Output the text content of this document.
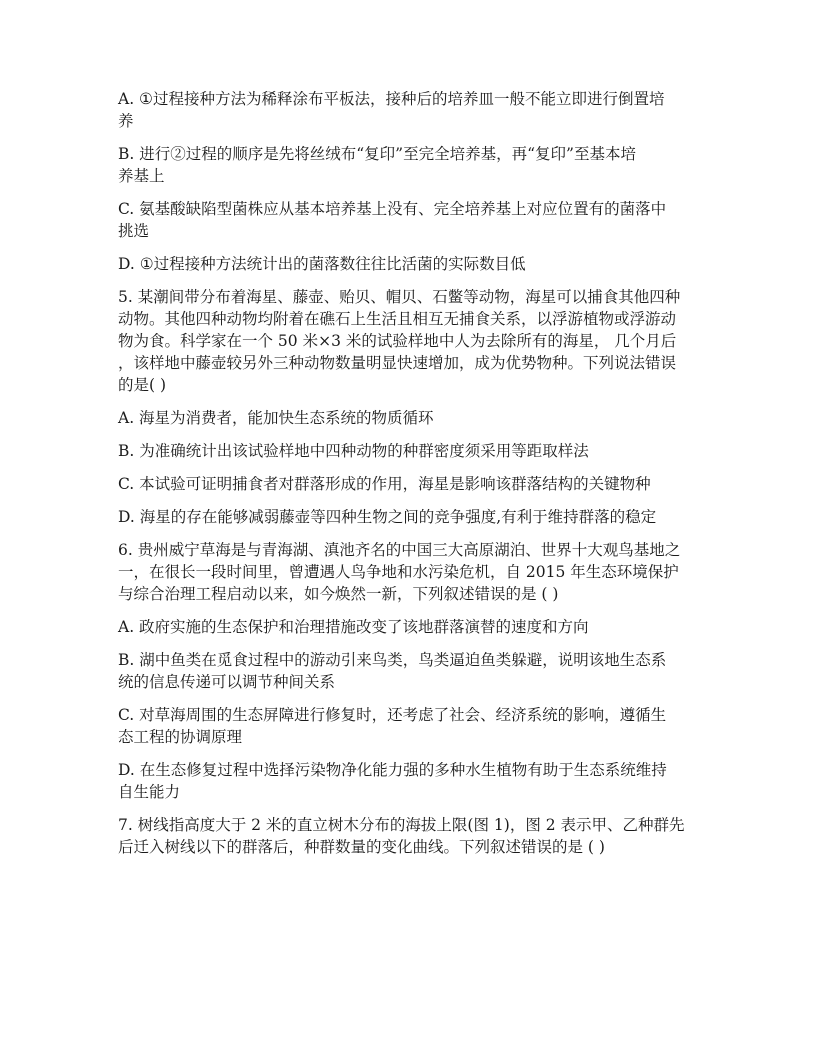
A. ①过程接种方法为稀释涂布平板法，接种后的培养皿一般不能立即进行倒置培
养

B. 进行②过程的顺序是先将丝绒布“复印”至完全培养基，再“复印”至基本培
养基上

C. 氨基酸缺陷型菌株应从基本培养基上没有、完全培养基上对应位置有的菌落中
挑选

D. ①过程接种方法统计出的菌落数往往比活菌的实际数目低

5. 某潮间带分布着海星、藤壶、贻贝、帽贝、石鳖等动物，海星可以捕食其他四种
动物。其他四种动物均附着在礁石上生活且相互无捕食关系，以浮游植物或浮游动
物为食。科学家在一个 50 米×3 米的试验样地中人为去除所有的海星， 几个月后
，该样地中藤壶较另外三种动物数量明显快速增加，成为优势物种。下列说法错误
的是( )

A. 海星为消费者，能加快生态系统的物质循环

B. 为准确统计出该试验样地中四种动物的种群密度须采用等距取样法

C. 本试验可证明捕食者对群落形成的作用，海星是影响该群落结构的关键物种

D. 海星的存在能够减弱藤壶等四种生物之间的竞争强度,有利于维持群落的稳定

6. 贵州威宁草海是与青海湖、滇池齐名的中国三大高原湖泊、世界十大观鸟基地之
一，在很长一段时间里，曾遭遇人鸟争地和水污染危机，自 2015 年生态环境保护
与综合治理工程启动以来，如今焕然一新，下列叙述错误的是 ( )

A. 政府实施的生态保护和治理措施改变了该地群落演替的速度和方向

B. 湖中鱼类在觅食过程中的游动引来鸟类，鸟类逼迫鱼类躲避，说明该地生态系
统的信息传递可以调节种间关系

C. 对草海周围的生态屏障进行修复时，还考虑了社会、经济系统的影响，遵循生
态工程的协调原理

D. 在生态修复过程中选择污染物净化能力强的多种水生植物有助于生态系统维持
自生能力

7. 树线指高度大于 2 米的直立树木分布的海拔上限(图 1)，图 2 表示甲、乙种群先
后迁入树线以下的群落后，种群数量的变化曲线。下列叙述错误的是 ( )
